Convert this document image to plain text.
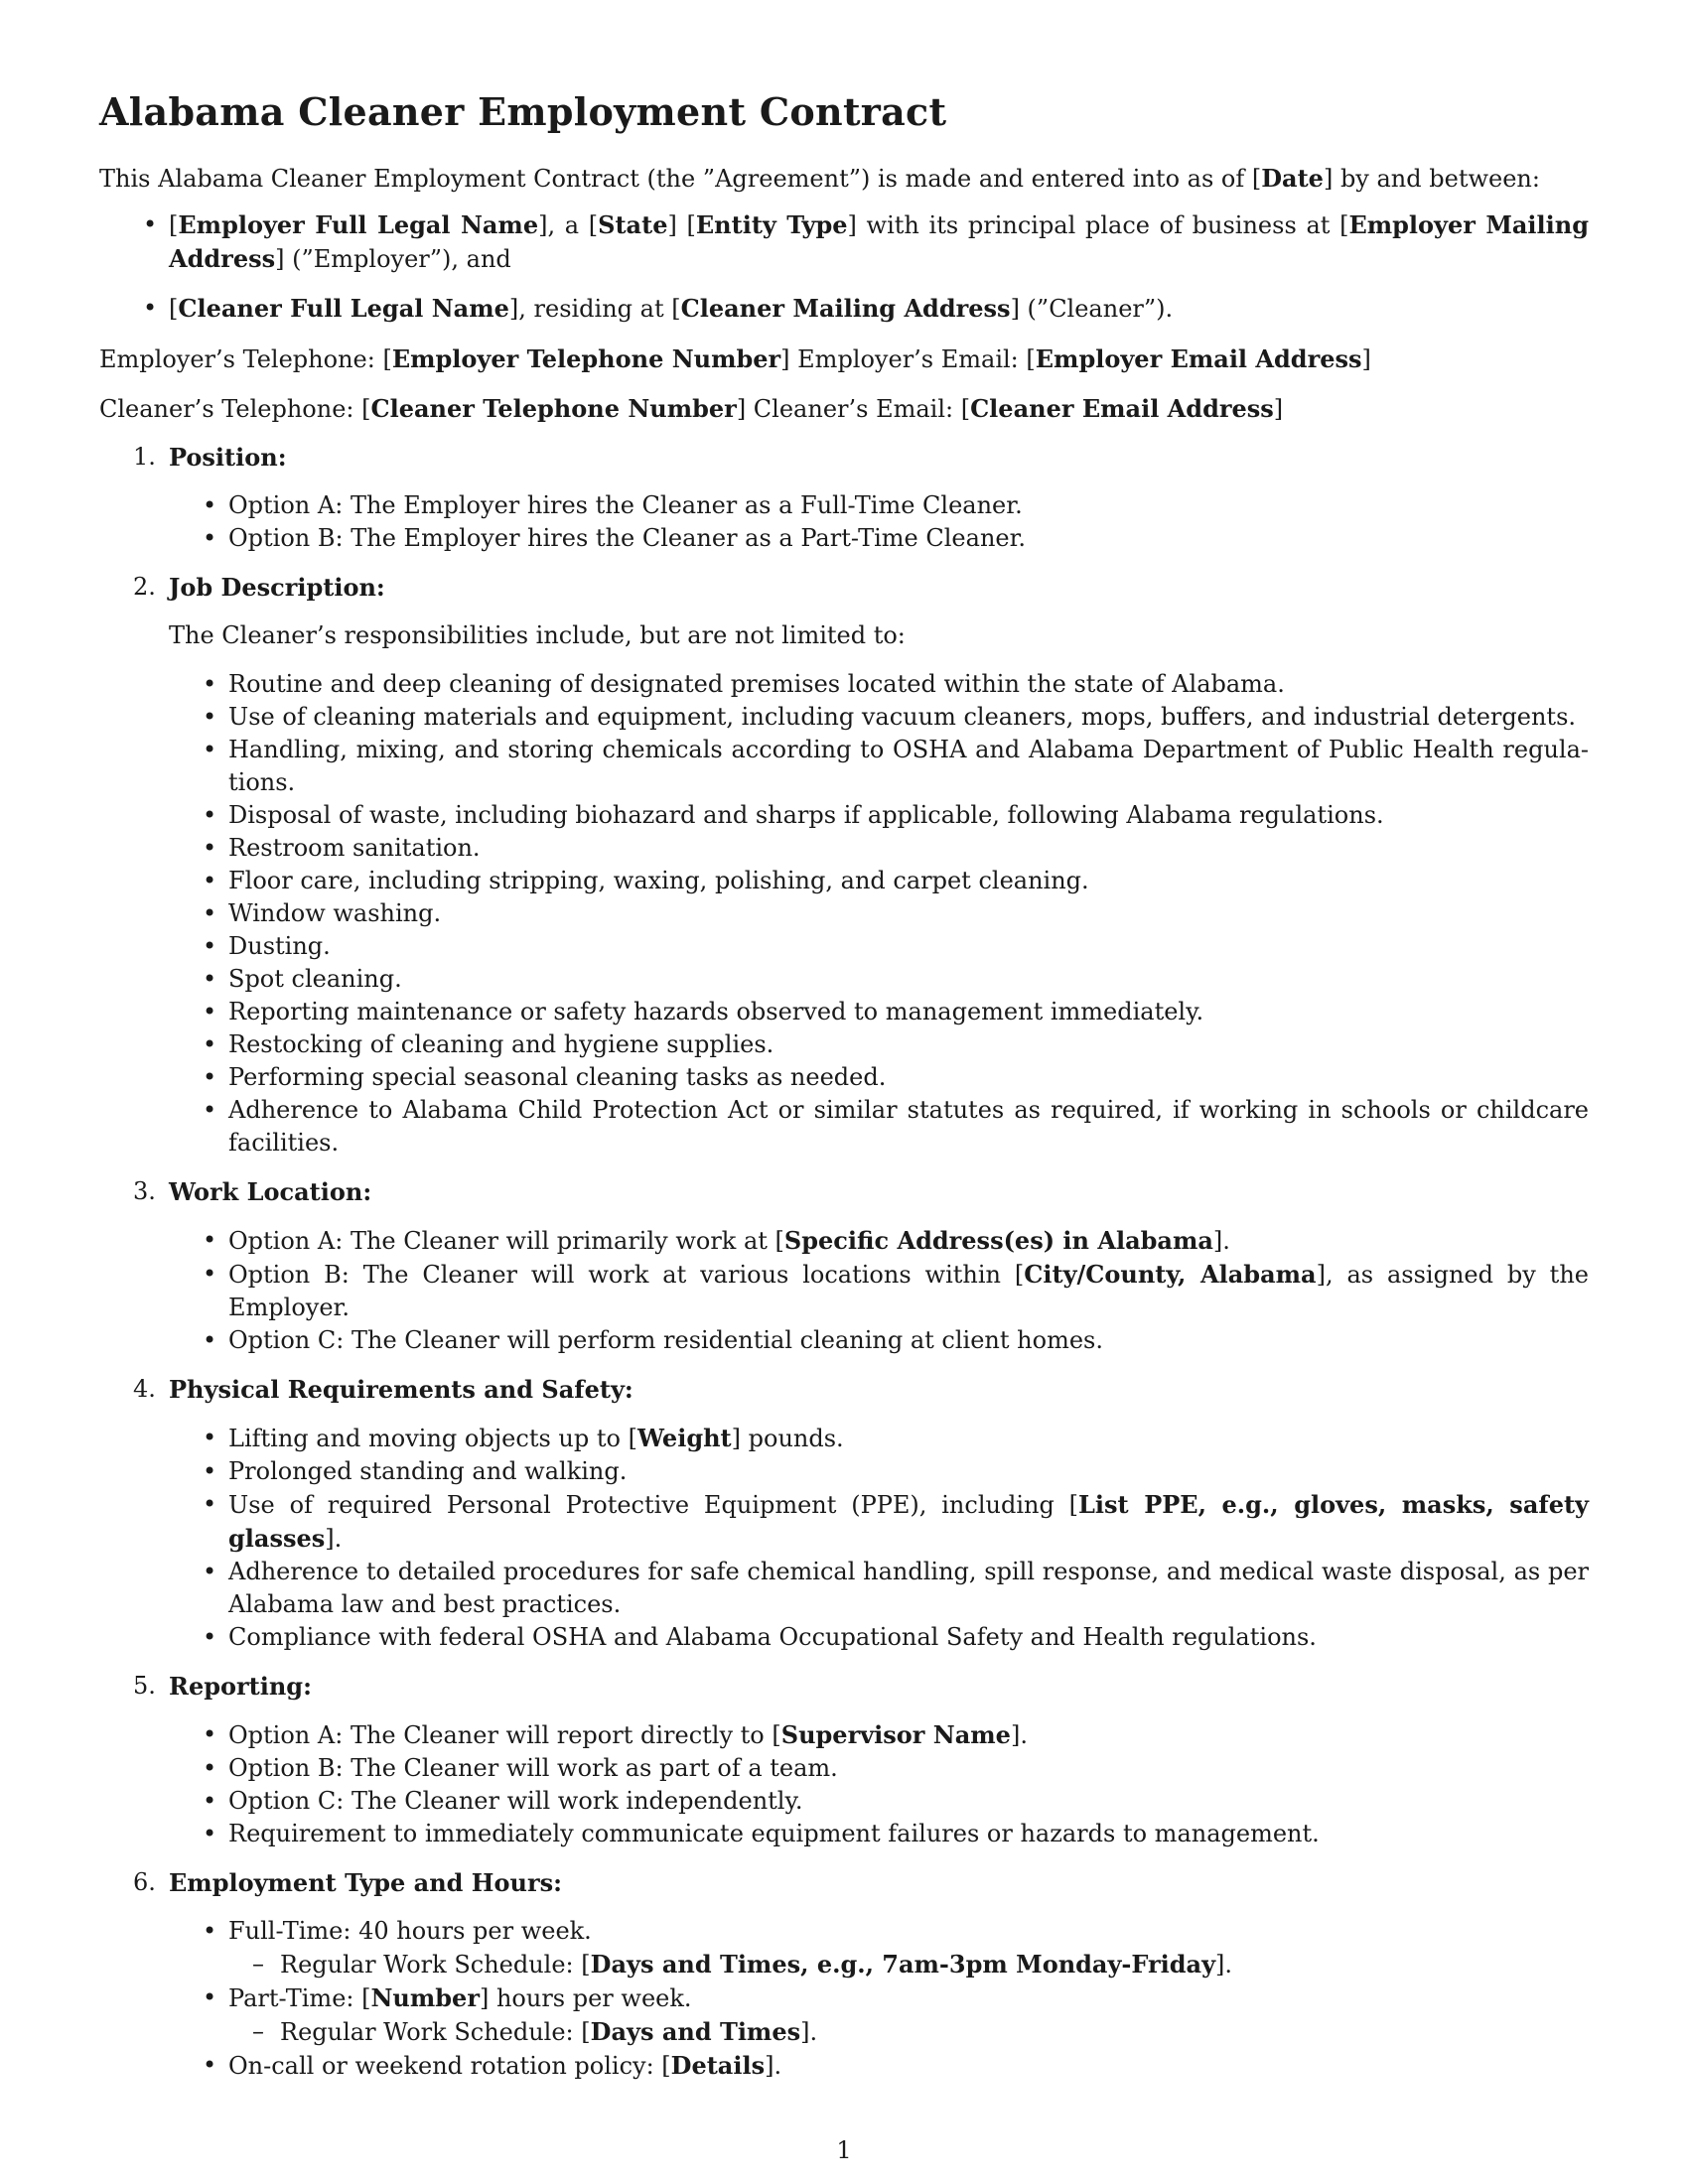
Alabama Cleaner Employment Contract
This Alabama Cleaner Employment Contract (the ”Agreement”) is made and entered into as of [Date] by and between:
• [Employer Full Legal Name], a [State] [Entity Type] with its principal place of business at [Employer Mailing Address] (”Employer”), and
• [Cleaner Full Legal Name], residing at [Cleaner Mailing Address] (”Cleaner”).
Employer’s Telephone: [Employer Telephone Number] Employer’s Email: [Employer Email Address]
Cleaner’s Telephone: [Cleaner Telephone Number] Cleaner’s Email: [Cleaner Email Address]
1. Position:
• Option A: The Employer hires the Cleaner as a Full-Time Cleaner.
• Option B: The Employer hires the Cleaner as a Part-Time Cleaner.
2. Job Description:
The Cleaner’s responsibilities include, but are not limited to:
• Routine and deep cleaning of designated premises located within the state of Alabama.
• Use of cleaning materials and equipment, including vacuum cleaners, mops, buffers, and industrial detergents.
• Handling, mixing, and storing chemicals according to OSHA and Alabama Department of Public Health regulations.
• Disposal of waste, including biohazard and sharps if applicable, following Alabama regulations.
• Restroom sanitation.
• Floor care, including stripping, waxing, polishing, and carpet cleaning.
• Window washing.
• Dusting.
• Spot cleaning.
• Reporting maintenance or safety hazards observed to management immediately.
• Restocking of cleaning and hygiene supplies.
• Performing special seasonal cleaning tasks as needed.
• Adherence to Alabama Child Protection Act or similar statutes as required, if working in schools or childcare facilities.
3. Work Location:
• Option A: The Cleaner will primarily work at [Specific Address(es) in Alabama].
• Option B: The Cleaner will work at various locations within [City/County, Alabama], as assigned by the Employer.
• Option C: The Cleaner will perform residential cleaning at client homes.
4. Physical Requirements and Safety:
• Lifting and moving objects up to [Weight] pounds.
• Prolonged standing and walking.
• Use of required Personal Protective Equipment (PPE), including [List PPE, e.g., gloves, masks, safety glasses].
• Adherence to detailed procedures for safe chemical handling, spill response, and medical waste disposal, as per Alabama law and best practices.
• Compliance with federal OSHA and Alabama Occupational Safety and Health regulations.
5. Reporting:
• Option A: The Cleaner will report directly to [Supervisor Name].
• Option B: The Cleaner will work as part of a team.
• Option C: The Cleaner will work independently.
• Requirement to immediately communicate equipment failures or hazards to management.
6. Employment Type and Hours:
• Full-Time: 40 hours per week.
– Regular Work Schedule: [Days and Times, e.g., 7am-3pm Monday-Friday].
• Part-Time: [Number] hours per week.
– Regular Work Schedule: [Days and Times].
• On-call or weekend rotation policy: [Details].
1
